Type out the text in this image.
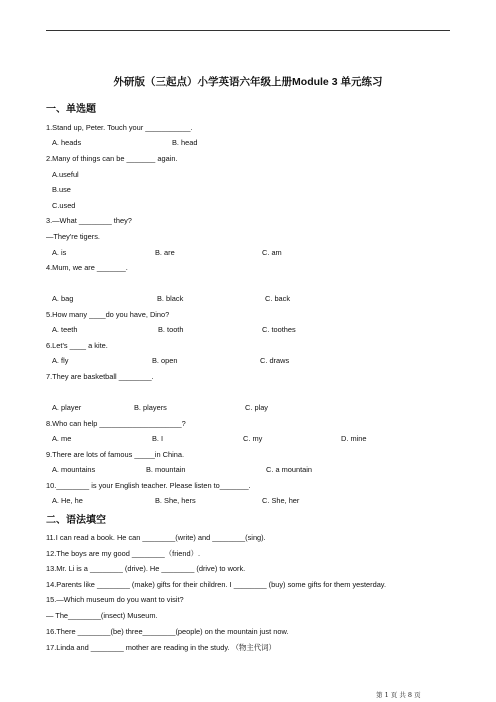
外研版（三起点）小学英语六年级上册Module 3 单元练习
一、单选题
1.Stand up, Peter. Touch your ___________.
A. heads	B. head
2.Many of things can be _______ again.
A.useful
B.use
C.used
3.—What ________ they?
—They're tigers.
A. is	B. are	C. am
4.Mum, we are _______.
A. bag	B. black	C. back
5.How many ____do you have, Dino?
A. teeth	B. tooth	C. toothes
6.Let's ____ a kite.
A. fly	B. open	C. draws
7.They are basketball ________.
A. player	B. players	C. play
8.Who can help ____________________?
A. me	B. I	C. my	D. mine
9.There are lots of famous _____in China.
A. mountains	B. mountain	C. a mountain
10.________ is your English teacher. Please listen to_______.
A. He, he	B. She, hers	C. She, her
二、语法填空
11.I can read a book. He can ________(write) and ________(sing).
12.The boys are my good ________（friend）.
13.Mr. Li is a ________ (drive). He ________ (drive) to work.
14.Parents like ________ (make) gifts for their children. I ________ (buy) some gifts for them yesterday.
15.—Which museum do you want to visit?
— The________(insect) Museum.
16.There ________(be) three________(people) on the mountain just now.
17.Linda and ________ mother are reading in the study. （物主代词）
第 1 页 共 8 页
